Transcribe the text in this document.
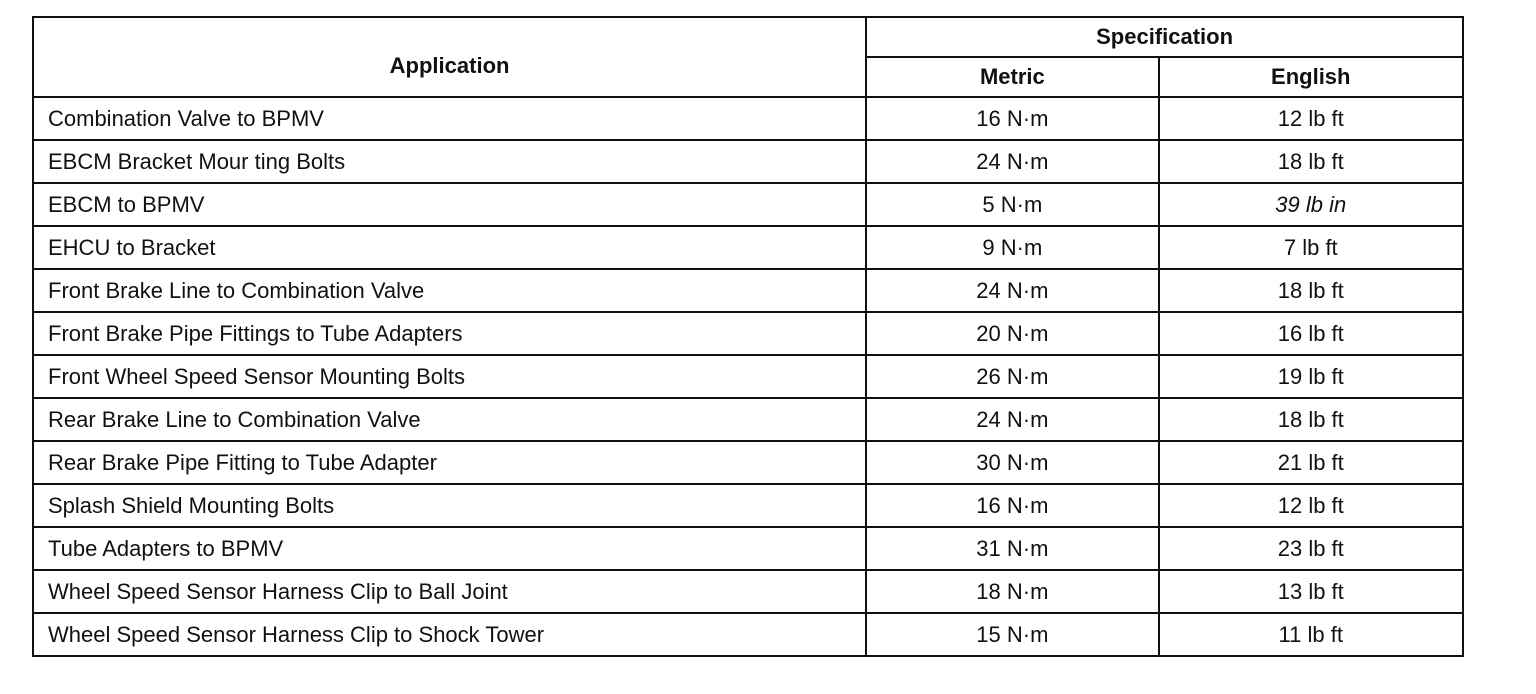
Application	Specification	
	Metric	English
Combination Valve to BPMV	16 N·m	12 lb ft
EBCM Bracket Mour ting Bolts	24 N·m	18 lb ft
EBCM to BPMV	5 N·m	39 lb in
EHCU to Bracket	9 N·m	7 lb ft
Front Brake Line to Combination Valve	24 N·m	18 lb ft
Front Brake Pipe Fittings to Tube Adapters	20 N·m	16 lb ft
Front Wheel Speed Sensor Mounting Bolts	26 N·m	19 lb ft
Rear Brake Line to Combination Valve	24 N·m	18 lb ft
Rear Brake Pipe Fitting to Tube Adapter	30 N·m	21 lb ft
Splash Shield Mounting Bolts	16 N·m	12 lb ft
Tube Adapters to BPMV	31 N·m	23 lb ft
Wheel Speed Sensor Harness Clip to Ball Joint	18 N·m	13 lb ft
Wheel Speed Sensor Harness Clip to Shock Tower	15 N·m	11 lb ft
